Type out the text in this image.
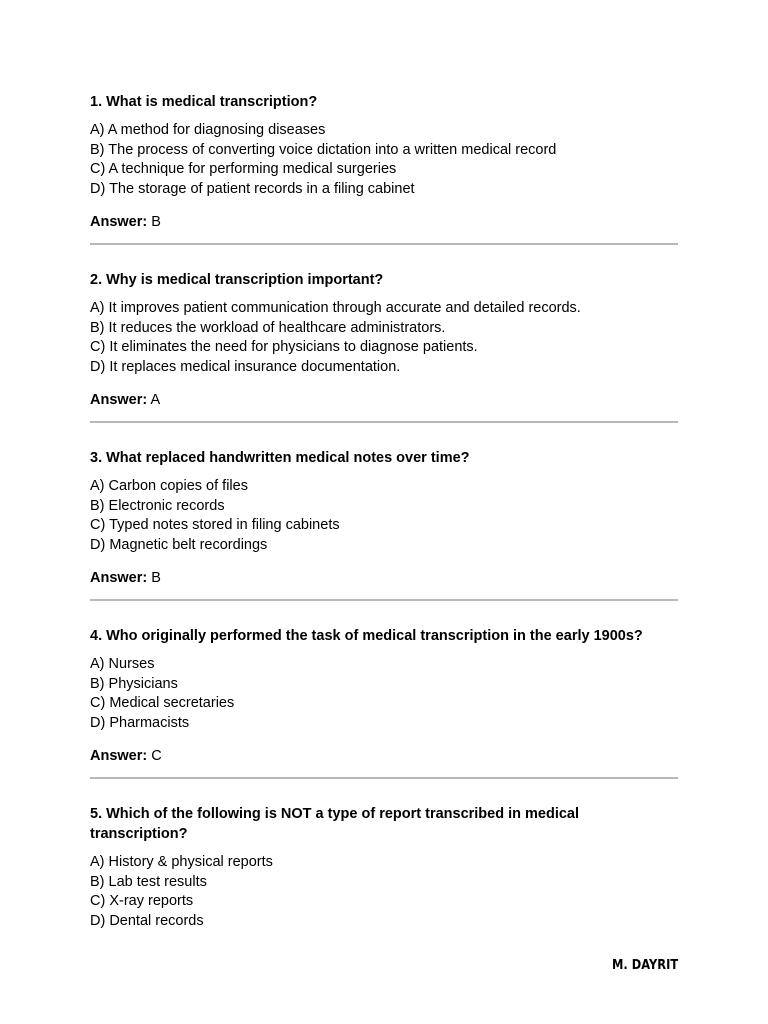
1. What is medical transcription?

A) A method for diagnosing diseases
B) The process of converting voice dictation into a written medical record
C) A technique for performing medical surgeries
D) The storage of patient records in a filing cabinet
Answer: B

2. Why is medical transcription important?

A) It improves patient communication through accurate and detailed records.
B) It reduces the workload of healthcare administrators.
C) It eliminates the need for physicians to diagnose patients.
D) It replaces medical insurance documentation.
Answer: A

3. What replaced handwritten medical notes over time?

A) Carbon copies of files
B) Electronic records
C) Typed notes stored in filing cabinets
D) Magnetic belt recordings
Answer: B

4. Who originally performed the task of medical transcription in the early 1900s?

A) Nurses
B) Physicians
C) Medical secretaries
D) Pharmacists
Answer: C

5. Which of the following is NOT a type of report transcribed in medical transcription?

A) History & physical reports
B) Lab test results
C) X-ray reports
D) Dental records
M. DAYRIT
